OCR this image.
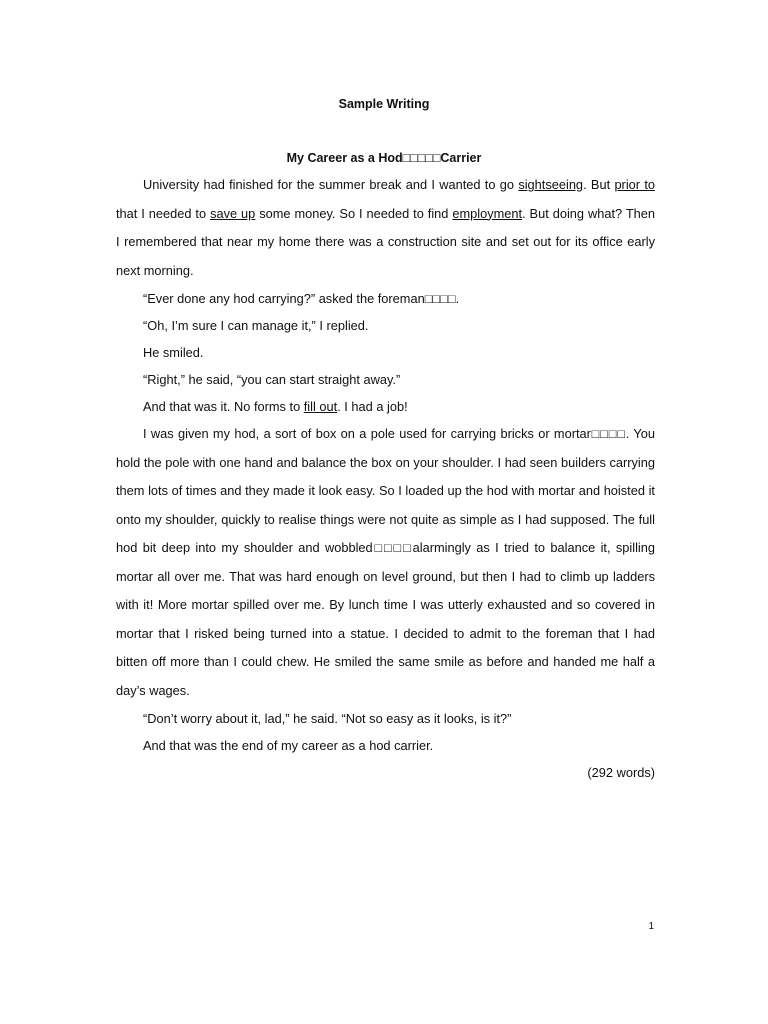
Sample Writing
My Career as a Hod□□□□□Carrier

University had finished for the summer break and I wanted to go sightseeing. But prior to that I needed to save up some money. So I needed to find employment. But doing what? Then I remembered that near my home there was a construction site and set out for its office early next morning.

“Ever done any hod carrying?” asked the foreman□□□□.

“Oh, I’m sure I can manage it,” I replied.

He smiled.

“Right,” he said, “you can start straight away.”

And that was it. No forms to fill out. I had a job!

I was given my hod, a sort of box on a pole used for carrying bricks or mortar□□□□. You hold the pole with one hand and balance the box on your shoulder. I had seen builders carrying them lots of times and they made it look easy. So I loaded up the hod with mortar and hoisted it onto my shoulder, quickly to realise things were not quite as simple as I had supposed. The full hod bit deep into my shoulder and wobbled□□□□alarmingly as I tried to balance it, spilling mortar all over me. That was hard enough on level ground, but then I had to climb up ladders with it! More mortar spilled over me. By lunch time I was utterly exhausted and so covered in mortar that I risked being turned into a statue. I decided to admit to the foreman that I had bitten off more than I could chew. He smiled the same smile as before and handed me half a day’s wages.

“Don’t worry about it, lad,” he said. “Not so easy as it looks, is it?”

And that was the end of my career as a hod carrier.

(292 words)

1
